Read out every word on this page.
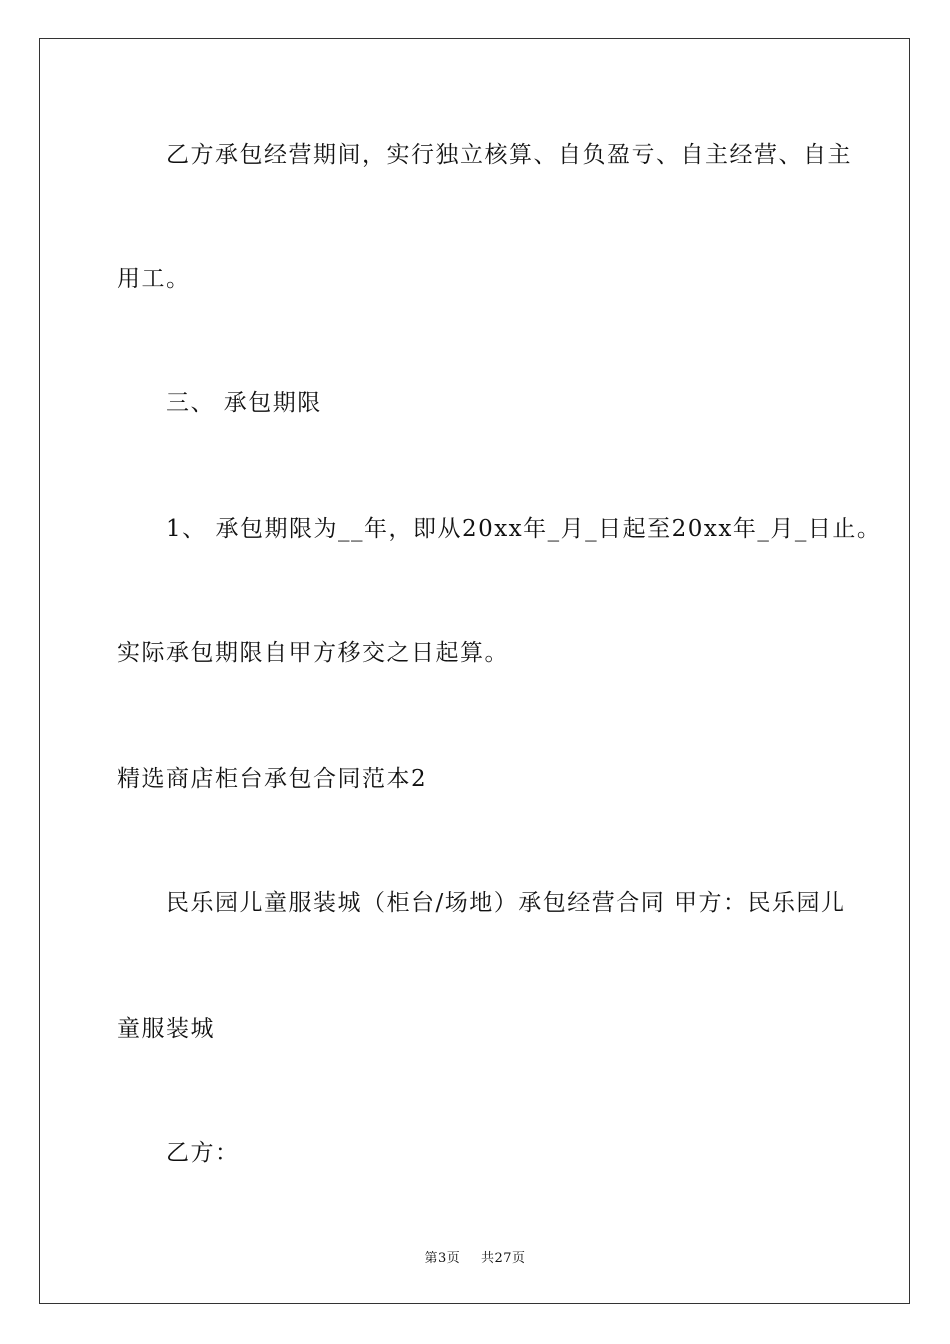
乙方承包经营期间，实行独立核算、自负盈亏、自主经营、自主
用工。
三、 承包期限
1、 承包期限为__年，即从20xx年_月_日起至20xx年_月_日止。
实际承包期限自甲方移交之日起算。
精选商店柜台承包合同范本2
民乐园儿童服装城（柜台/场地）承包经营合同 甲方：民乐园儿
童服装城
乙方：
第3页 共27页
